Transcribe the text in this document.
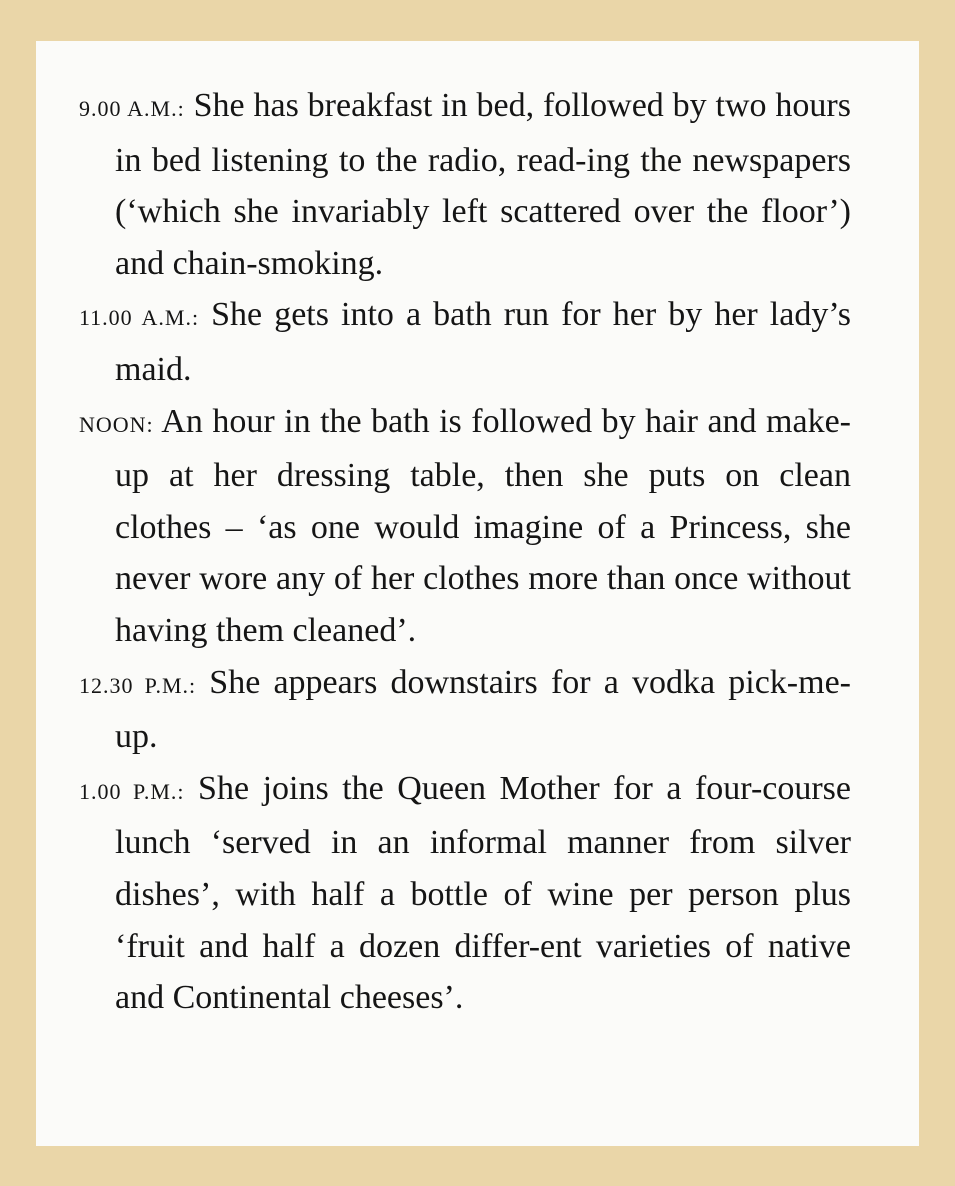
9.00 A.M.: She has breakfast in bed, followed by two hours in bed listening to the radio, read-ing the newspapers (‘which she invariably left scattered over the floor’) and chain-smoking.
11.00 A.M.: She gets into a bath run for her by her lady’s maid.
NOON: An hour in the bath is followed by hair and make-up at her dressing table, then she puts on clean clothes – ‘as one would imagine of a Princess, she never wore any of her clothes more than once without having them cleaned’.
12.30 P.M.: She appears downstairs for a vodka pick-me-up.
1.00 P.M.: She joins the Queen Mother for a four-course lunch ‘served in an informal manner from silver dishes’, with half a bottle of wine per person plus ‘fruit and half a dozen differ-ent varieties of native and Continental cheeses’.
